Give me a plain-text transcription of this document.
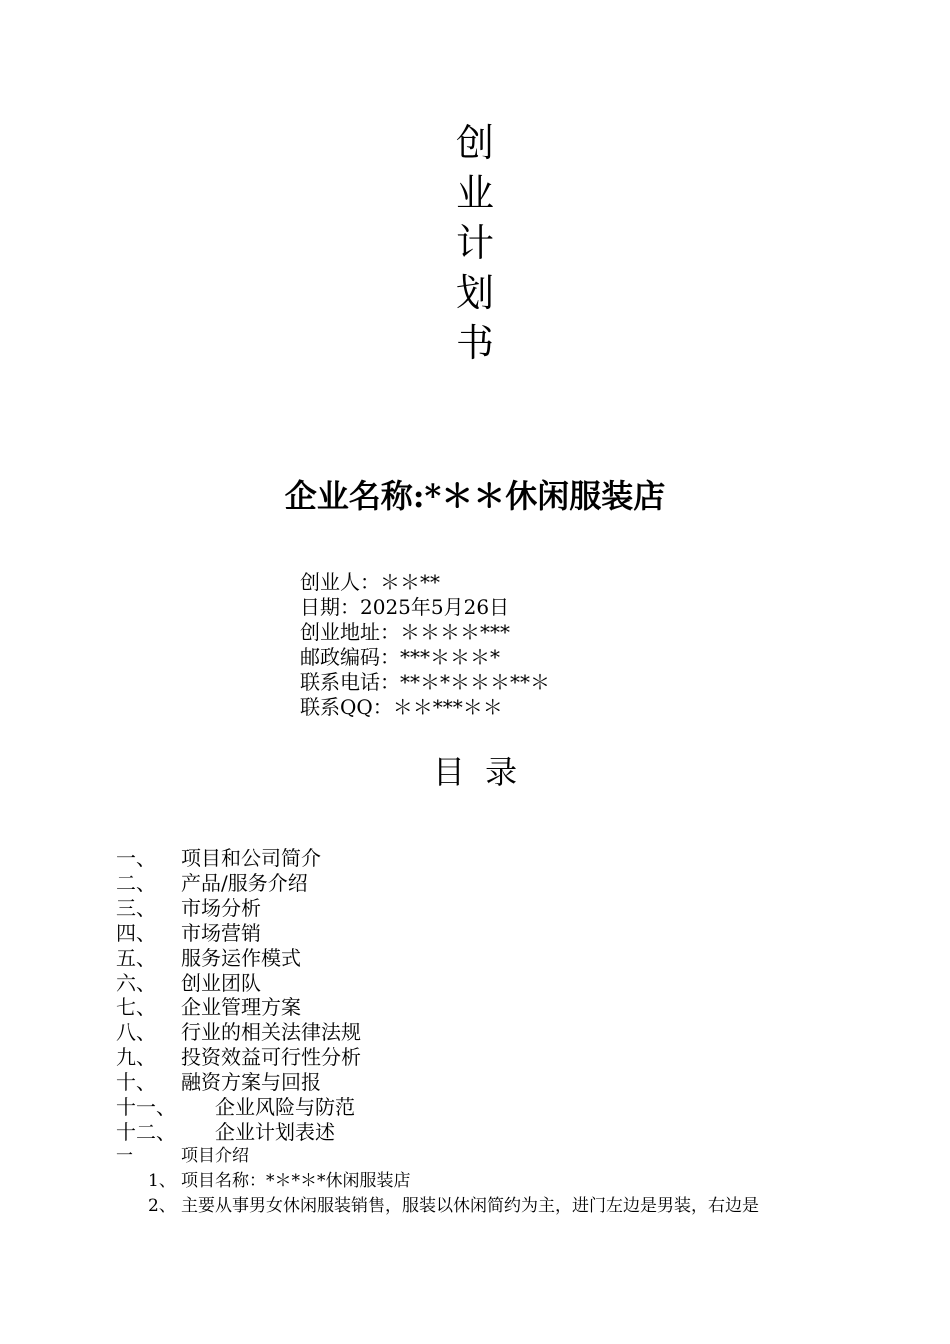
创
业
计
划
书
企业名称:*＊＊休闲服装店
创业人：＊＊**
日期：2025年5月26日
创业地址：＊＊＊＊***
邮政编码：***＊＊＊*
联系电话：**＊*＊＊＊**＊
联系QQ：＊＊***＊＊
目  录
一、	项目和公司简介
二、	产品/服务介绍
三、	市场分析
四、	市场营销
五、	服务运作模式
六、	创业团队
七、	企业管理方案
八、	行业的相关法律法规
九、	投资效益可行性分析
十、	融资方案与回报
十一、	企业风险与防范
十二、	企业计划表述
一	项目介绍
1、 项目名称：*＊*＊*休闲服装店
2、 主要从事男女休闲服装销售，服装以休闲简约为主，进门左边是男装，右边是
